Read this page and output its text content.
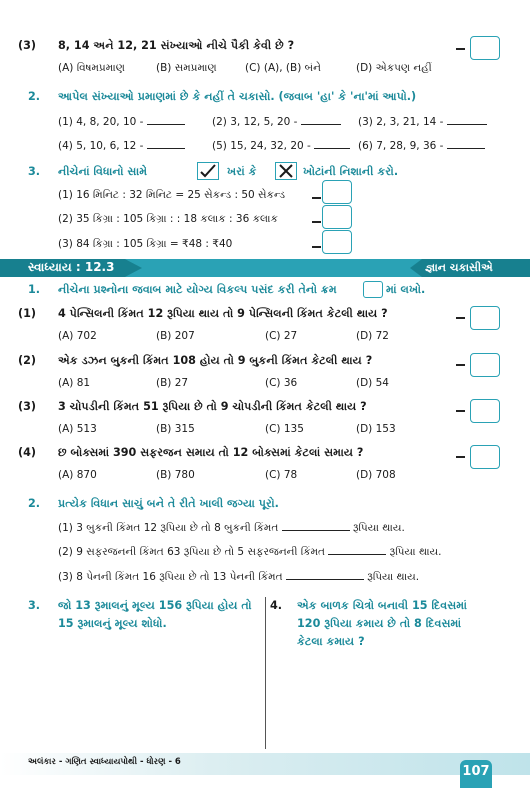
(3) 8, 14 અને 12, 21 સંખ્યાઓ નીચે પૈકી કેવી છે ?
(A) વિષમપ્રમાણ	(B) સમપ્રમાણ	(C) (A), (B) બંને	(D) એકપણ નહીં
2. આપેલ સંખ્યાઓ પ્રમાણમાં છે કે નહીં તે ચકાસો. (જવાબ 'હા' કે 'ના'માં આપો.)
(1) 4, 8, 20, 10 -	(2) 3, 12, 5, 20 -	(3) 2, 3, 21, 14 -
(4) 5, 10, 6, 12 -	(5) 15, 24, 32, 20 -	(6) 7, 28, 9, 36 -
3. નીચેનાં વિધાનો સામે	ખરાં કે	ખોટાંની નિશાની કરો.
(1) 16 મિનિટ : 32 મિનિટ = 25 સેકન્ડ : 50 સેકન્ડ
(2) 35 કિગ્રા : 105 કિગ્રા : : 18 કલાક : 36 કલાક
(3) 84 કિગ્રા : 105 કિગ્રા = ₹48 : ₹40
સ્વાધ્યાય : 12.3	જ્ઞાન ચકાસીએ
1. નીચેના પ્રશ્નોના જવાબ માટે યોગ્ય વિકલ્પ પસંદ કરી તેનો ક્રમ	માં લખો.
(1) 4 પેન્સિલની કિંમત 12 રૂપિયા થાય તો 9 પેન્સિલની કિંમત કેટલી થાય ?
(A) 702	(B) 207	(C) 27	(D) 72
(2) એક ડઝન બુકની કિંમત 108 હોય તો 9 બુકની કિંમત કેટલી થાય ?
(A) 81	(B) 27	(C) 36	(D) 54
(3) 3 ચોપડીની કિંમત 51 રૂપિયા છે તો 9 ચોપડીની કિંમત કેટલી થાય ?
(A) 513	(B) 315	(C) 135	(D) 153
(4) છ બોક્સમાં 390 સફરજન સમાય તો 12 બોક્સમાં કેટલાં સમાય ?
(A) 870	(B) 780	(C) 78	(D) 708
2. પ્રત્યેક વિધાન સાચું બને તે રીતે ખાલી જગ્યા પૂરો.
(1) 3 બુકની કિંમત 12 રૂપિયા છે તો 8 બુકની કિંમત	રૂપિયા થાય.
(2) 9 સફરજનની કિંમત 63 રૂપિયા છે તો 5 સફરજનની કિંમત	રૂપિયા થાય.
(3) 8 પેનની કિંમત 16 રૂપિયા છે તો 13 પેનની કિંમત	રૂપિયા થાય.
3. જો 13 રૂમાલનું મૂલ્ય 156 રૂપિયા હોય તો
15 રૂમાલનું મૂલ્ય શોધો.
4. એક બાળક ચિત્રો બનાવી 15 દિવસમાં
120 રૂપિયા કમાય છે તો 8 દિવસમાં
કેટલા કમાય ?
અલંકાર - ગણિત સ્વાધ્યાયપોથી - ધોરણ - 6
107
